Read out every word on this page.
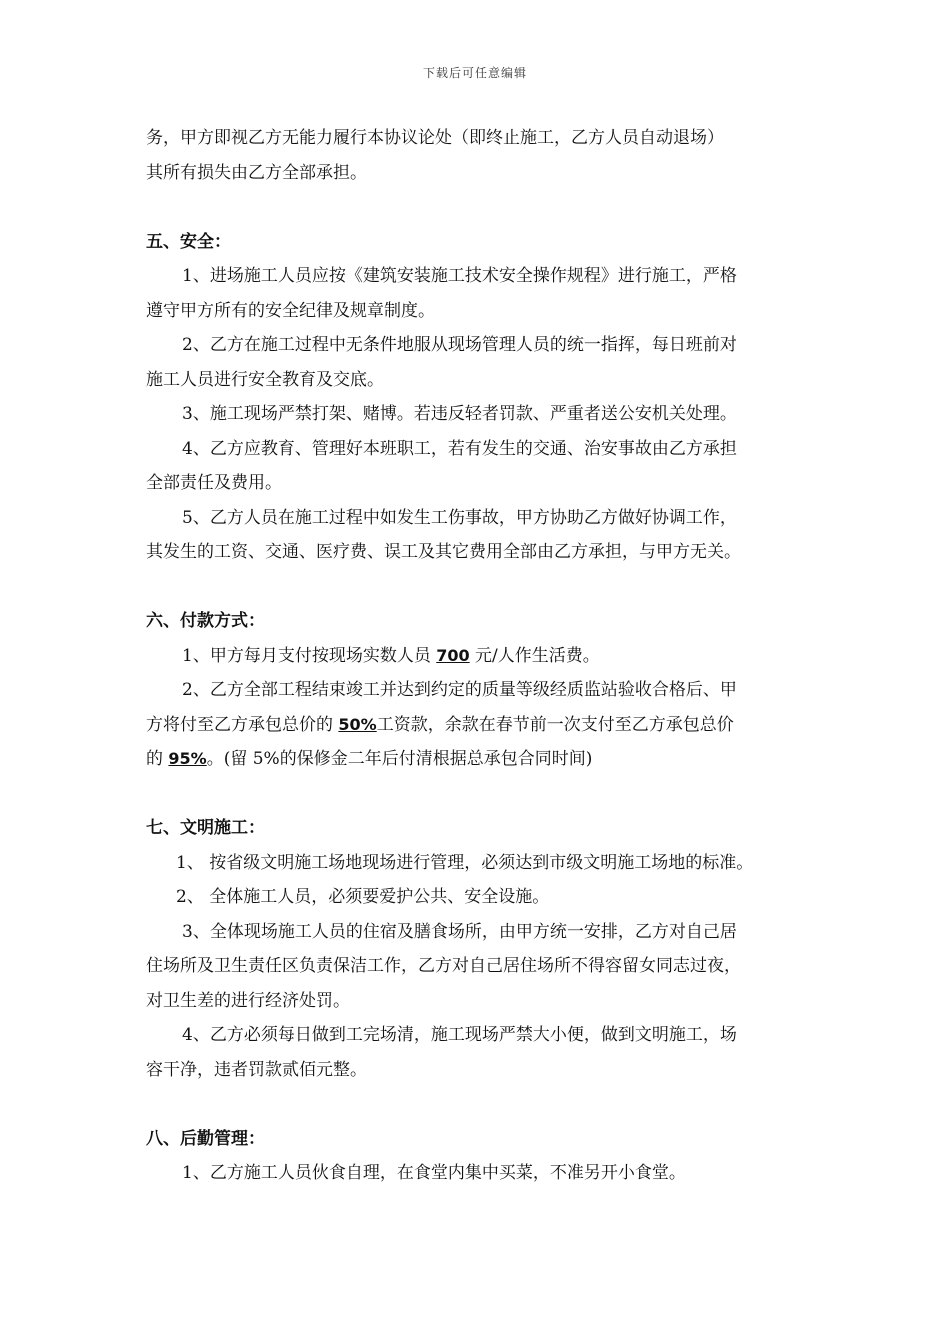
下载后可任意编辑

务，甲方即视乙方无能力履行本协议论处（即终止施工，乙方人员自动退场）

其所有损失由乙方全部承担。

五、安全：

1、进场施工人员应按《建筑安装施工技术安全操作规程》进行施工，严格

遵守甲方所有的安全纪律及规章制度。

2、乙方在施工过程中无条件地服从现场管理人员的统一指挥，每日班前对

施工人员进行安全教育及交底。

3、施工现场严禁打架、赌博。若违反轻者罚款、严重者送公安机关处理。

4、乙方应教育、管理好本班职工，若有发生的交通、治安事故由乙方承担

全部责任及费用。

5、乙方人员在施工过程中如发生工伤事故，甲方协助乙方做好协调工作，

其发生的工资、交通、医疗费、误工及其它费用全部由乙方承担，与甲方无关。

六、付款方式：

1、甲方每月支付按现场实数人员 700 元/人作生活费。

2、乙方全部工程结束竣工并达到约定的质量等级经质监站验收合格后、甲

方将付至乙方承包总价的 50%工资款，余款在春节前一次支付至乙方承包总价

的 95%。(留 5%的保修金二年后付清根据总承包合同时间)

七、文明施工：

1、 按省级文明施工场地现场进行管理，必须达到市级文明施工场地的标准。

2、 全体施工人员，必须要爱护公共、安全设施。

3、全体现场施工人员的住宿及膳食场所，由甲方统一安排，乙方对自己居

住场所及卫生责任区负责保洁工作，乙方对自己居住场所不得容留女同志过夜，

对卫生差的进行经济处罚。

4、乙方必须每日做到工完场清，施工现场严禁大小便，做到文明施工，场

容干净，违者罚款贰佰元整。

八、后勤管理：

1、乙方施工人员伙食自理，在食堂内集中买菜，不准另开小食堂。
